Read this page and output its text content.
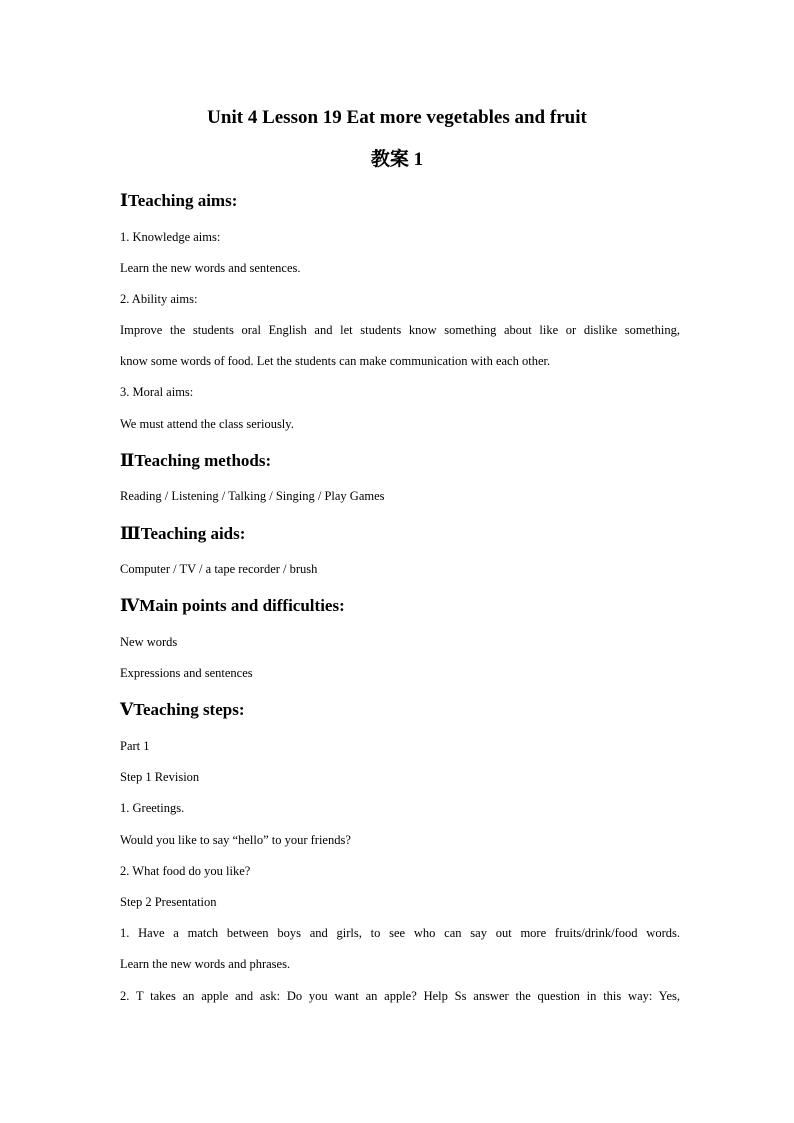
Unit 4 Lesson 19 Eat more vegetables and fruit
教案 1
ⅠTeaching aims:
1. Knowledge aims:
Learn the new words and sentences.
2. Ability aims:
Improve the students oral English and let students know something about like or dislike something,
know some words of food. Let the students can make communication with each other.
3. Moral aims:
We must attend the class seriously.
ⅡTeaching methods:
Reading / Listening / Talking / Singing / Play Games
ⅢTeaching aids:
Computer / TV / a tape recorder / brush
ⅣMain points and difficulties:
New words
Expressions and sentences
ⅤTeaching steps:
Part 1
Step 1 Revision
1. Greetings.
Would you like to say “hello” to your friends?
2. What food do you like?
Step 2 Presentation
1. Have a match between boys and girls, to see who can say out more fruits/drink/food words.
Learn the new words and phrases.
2. T takes an apple and ask: Do you want an apple? Help Ss answer the question in this way: Yes,
